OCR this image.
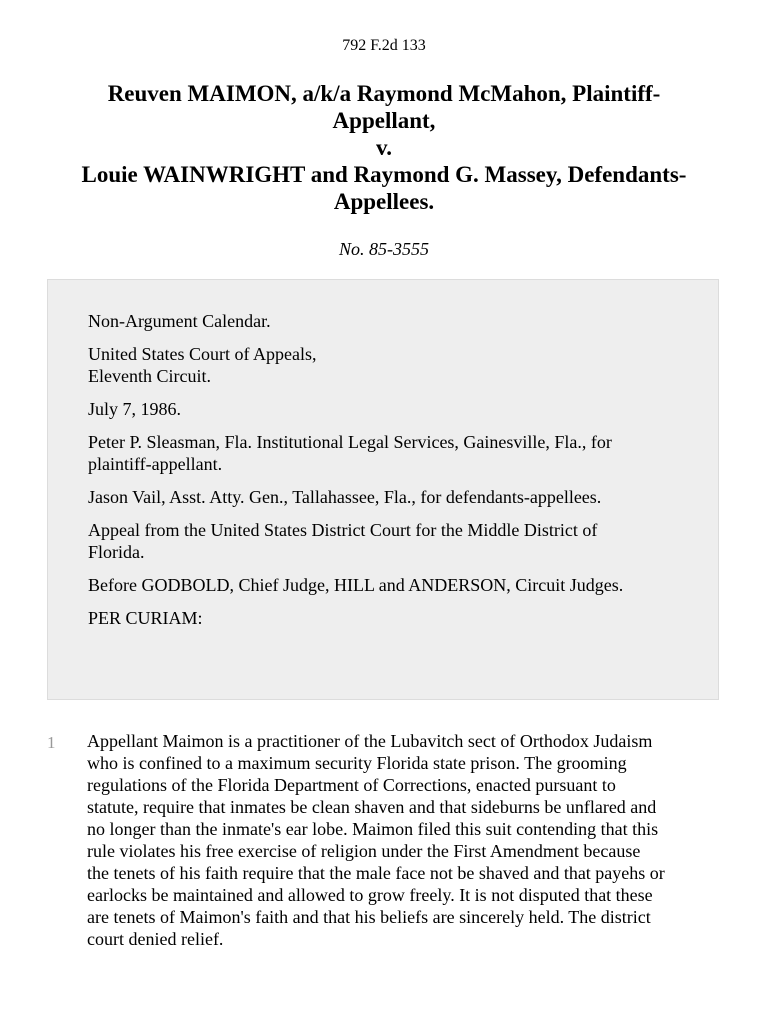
792 F.2d 133
Reuven MAIMON, a/k/a Raymond McMahon, Plaintiff-
Appellant,
v.
Louie WAINWRIGHT and Raymond G. Massey, Defendants-
Appellees.
No. 85-3555

Non-Argument Calendar.

United States Court of Appeals,
Eleventh Circuit.

July 7, 1986.

Peter P. Sleasman, Fla. Institutional Legal Services, Gainesville, Fla., for
plaintiff-appellant.

Jason Vail, Asst. Atty. Gen., Tallahassee, Fla., for defendants-appellees.

Appeal from the United States District Court for the Middle District of
Florida.

Before GODBOLD, Chief Judge, HILL and ANDERSON, Circuit Judges.

PER CURIAM:

1 Appellant Maimon is a practitioner of the Lubavitch sect of Orthodox Judaism
who is confined to a maximum security Florida state prison. The grooming
regulations of the Florida Department of Corrections, enacted pursuant to
statute, require that inmates be clean shaven and that sideburns be unflared and
no longer than the inmate's ear lobe. Maimon filed this suit contending that this
rule violates his free exercise of religion under the First Amendment because
the tenets of his faith require that the male face not be shaved and that payehs or
earlocks be maintained and allowed to grow freely. It is not disputed that these
are tenets of Maimon's faith and that his beliefs are sincerely held. The district
court denied relief.
